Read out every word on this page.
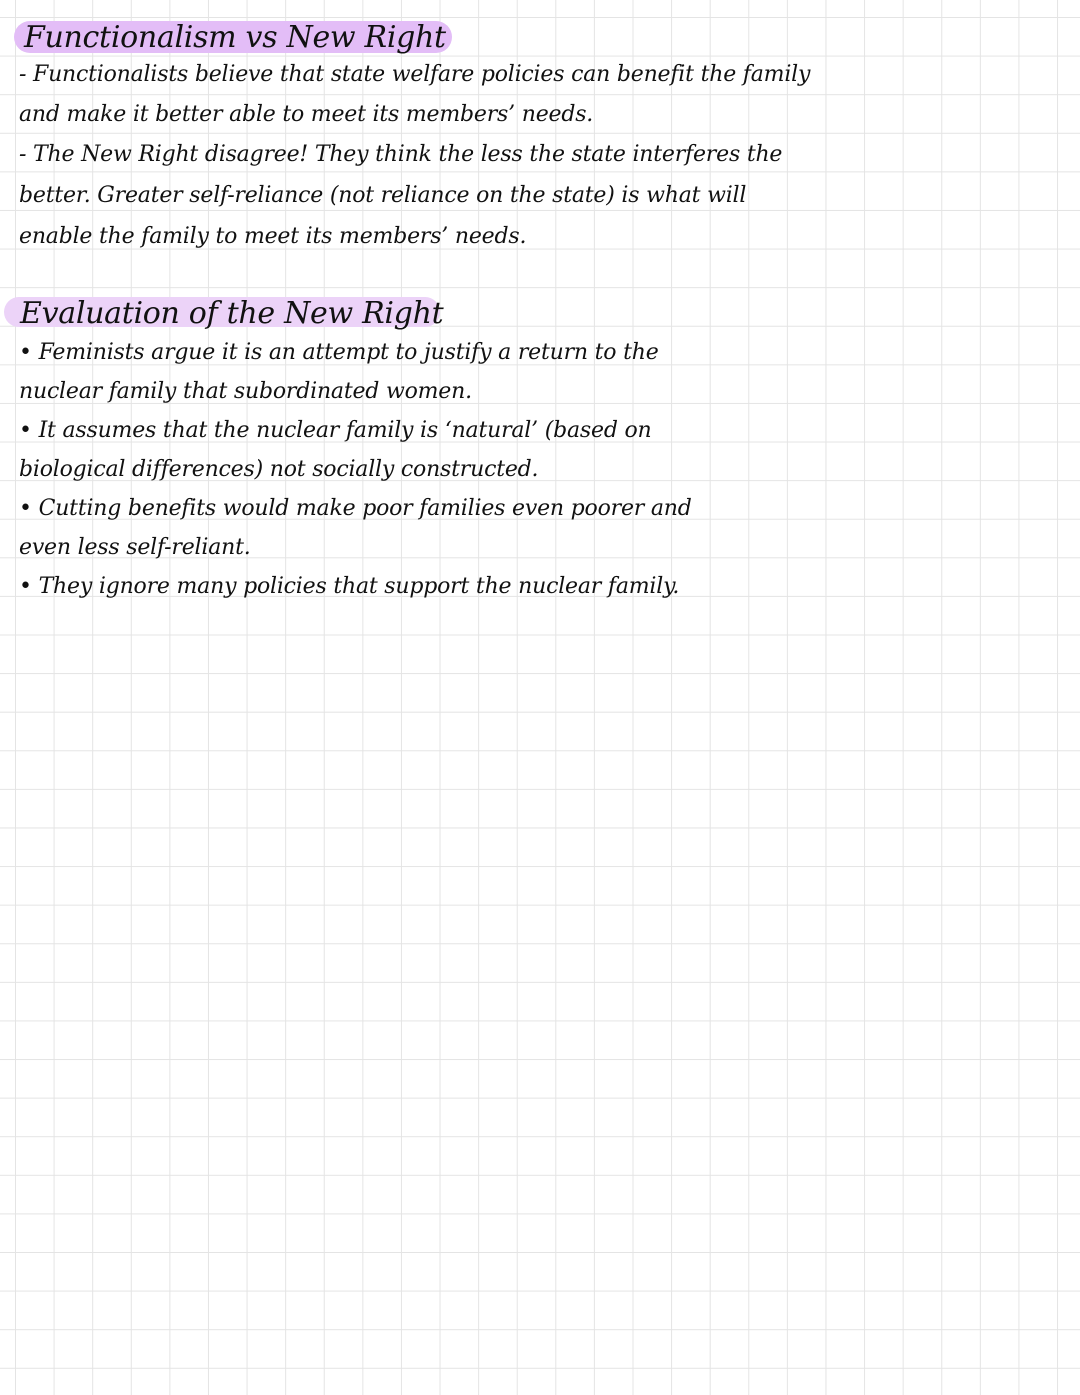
Functionalism vs New Right
- Functionalists believe that state welfare policies can benefit the family
and make it better able to meet its members’ needs.
- The New Right disagree! They think the less the state interferes the
better. Greater self-reliance (not reliance on the state) is what will
enable the family to meet its members’ needs.
Evaluation of the New Right
• Feminists argue it is an attempt to justify a return to the
nuclear family that subordinated women.
• It assumes that the nuclear family is ‘natural’ (based on
biological differences) not socially constructed.
• Cutting benefits would make poor families even poorer and
even less self-reliant.
• They ignore many policies that support the nuclear family.
